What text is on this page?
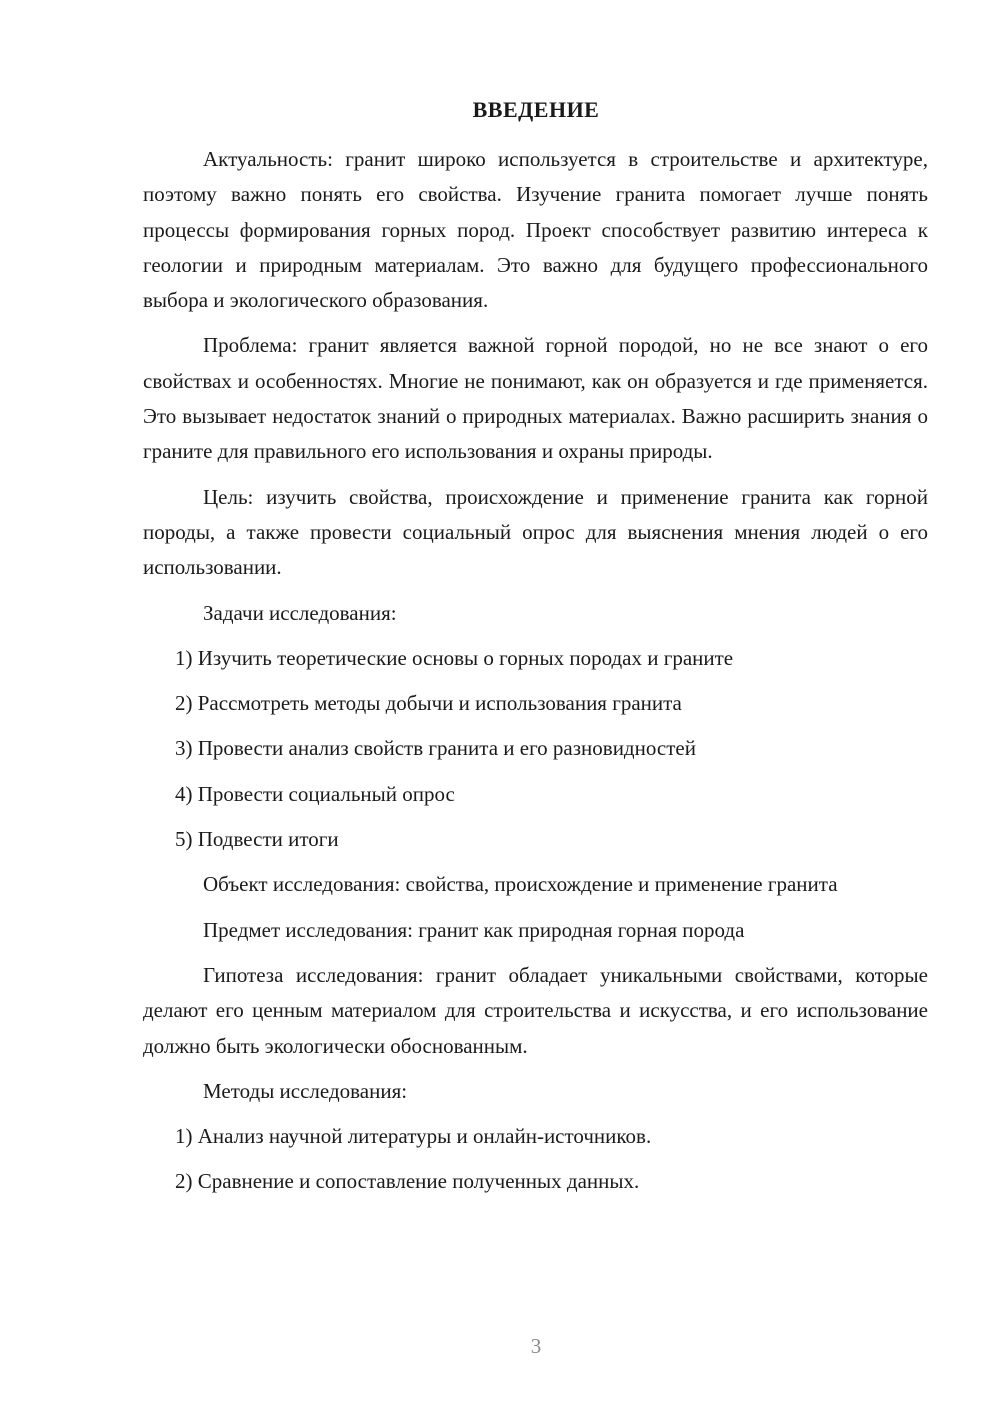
ВВЕДЕНИЕ

Актуальность: гранит широко используется в строительстве и архитектуре, поэтому важно понять его свойства. Изучение гранита помогает лучше понять процессы формирования горных пород. Проект способствует развитию интереса к геологии и природным материалам. Это важно для будущего профессионального выбора и экологического образования.

Проблема: гранит является важной горной породой, но не все знают о его свойствах и особенностях. Многие не понимают, как он образуется и где применяется. Это вызывает недостаток знаний о природных материалах. Важно расширить знания о граните для правильного его использования и охраны природы.

Цель: изучить свойства, происхождение и применение гранита как горной породы, а также провести социальный опрос для выяснения мнения людей о его использовании.

Задачи исследования:

1) Изучить теоретические основы о горных породах и граните

2) Рассмотреть методы добычи и использования гранита

3) Провести анализ свойств гранита и его разновидностей

4) Провести социальный опрос

5) Подвести итоги

Объект исследования: свойства, происхождение и применение гранита

Предмет исследования: гранит как природная горная порода

Гипотеза исследования: гранит обладает уникальными свойствами, которые делают его ценным материалом для строительства и искусства, и его использование должно быть экологически обоснованным.

Методы исследования:

1) Анализ научной литературы и онлайн-источников.

2) Сравнение и сопоставление полученных данных.

3
